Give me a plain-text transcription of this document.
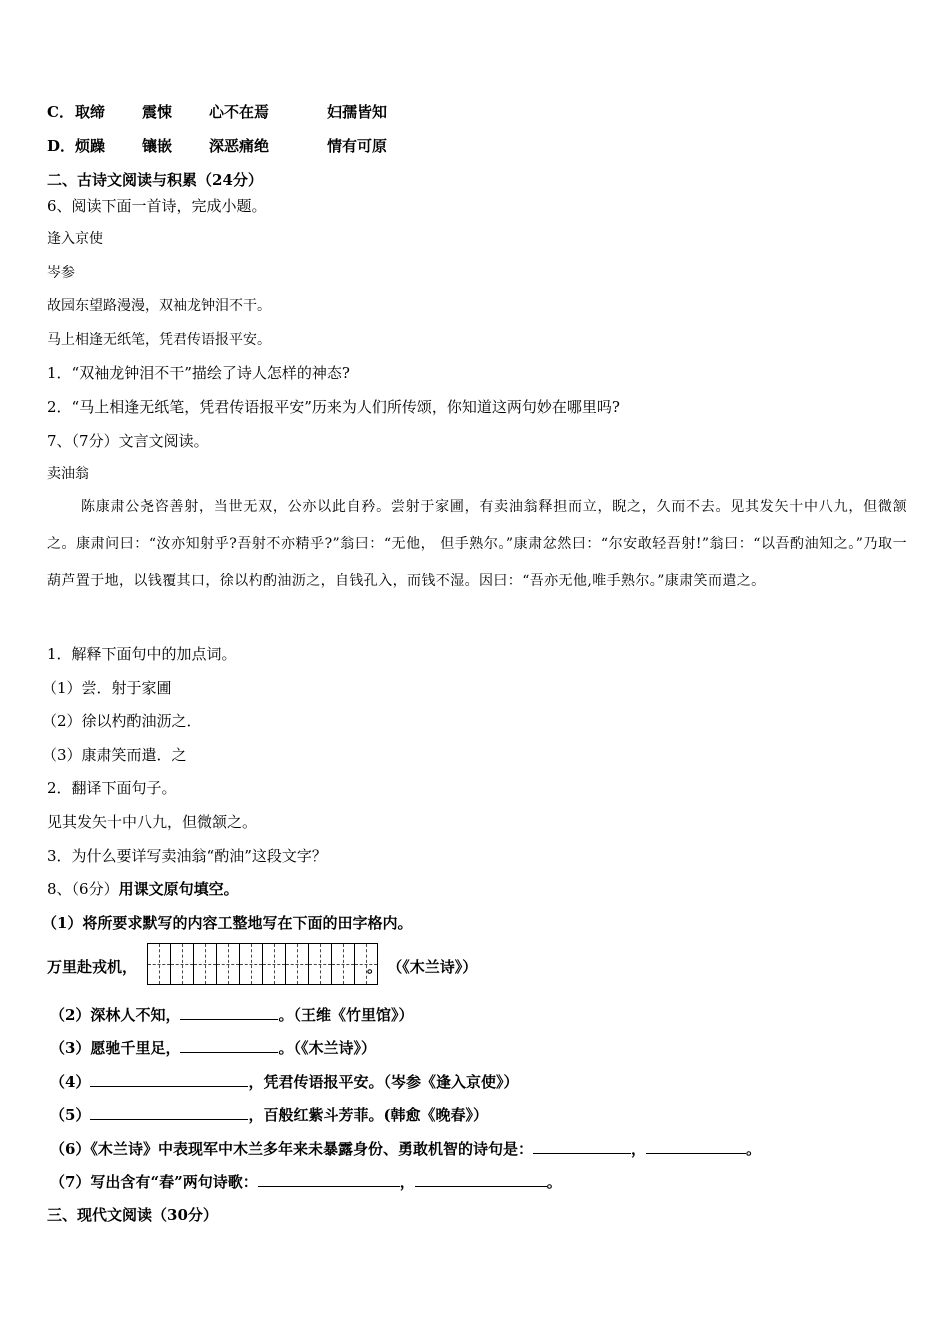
C． 取缔 震悚 心不在焉	妇孺皆知
D． 烦躁 镶嵌 深恶痛绝	情有可原
二、古诗文阅读与积累（24分）
6、阅读下面一首诗，完成小题。
逢入京使
岑参
故园东望路漫漫，双袖龙钟泪不干。
马上相逢无纸笔，凭君传语报平安。
1．“双袖龙钟泪不干”描绘了诗人怎样的神态?
2．“马上相逢无纸笔，凭君传语报平安”历来为人们所传颂，你知道这两句妙在哪里吗?
7、（7分）文言文阅读。
卖油翁
陈康肃公尧咨善射，当世无双，公亦以此自矜。尝射于家圃，有卖油翁释担而立，睨之，久而不去。见其发矢十中八九，但微颔之。康肃问曰：“汝亦知射乎?吾射不亦精乎?”翁曰：“无他， 但手熟尔。”康肃忿然曰：“尔安敢轻吾射!”翁曰：“以吾酌油知之。”乃取一葫芦置于地，以钱覆其口，徐以杓酌油沥之，自钱孔入，而钱不湿。因曰：“吾亦无他,唯手熟尔。”康肃笑而遣之。
1．解释下面句中的加点词。
（1）尝．射于家圃
（2）徐以杓酌油沥之．
（3）康肃笑而遣．之
2．翻译下面句子。
见其发矢十中八九，但微颔之。
3．为什么要详写卖油翁“酌油”这段文字？
8、（6分）用课文原句填空。
（1）将所要求默写的内容工整地写在下面的田字格内。
万里赴戎机，	。 （《木兰诗》）
（2）深林人不知，	。（王维《竹里馆》）
（3）愿驰千里足，	。（《木兰诗》）
（4）	，凭君传语报平安。（岑参《逢入京使》）
（5）	，百般红紫斗芳菲。(韩愈《晚春》）
（6）《木兰诗》中表现军中木兰多年来未暴露身份、勇敢机智的诗句是：	，	。
（7）写出含有“春”两句诗歌：	，	。
三、现代文阅读（30分）
